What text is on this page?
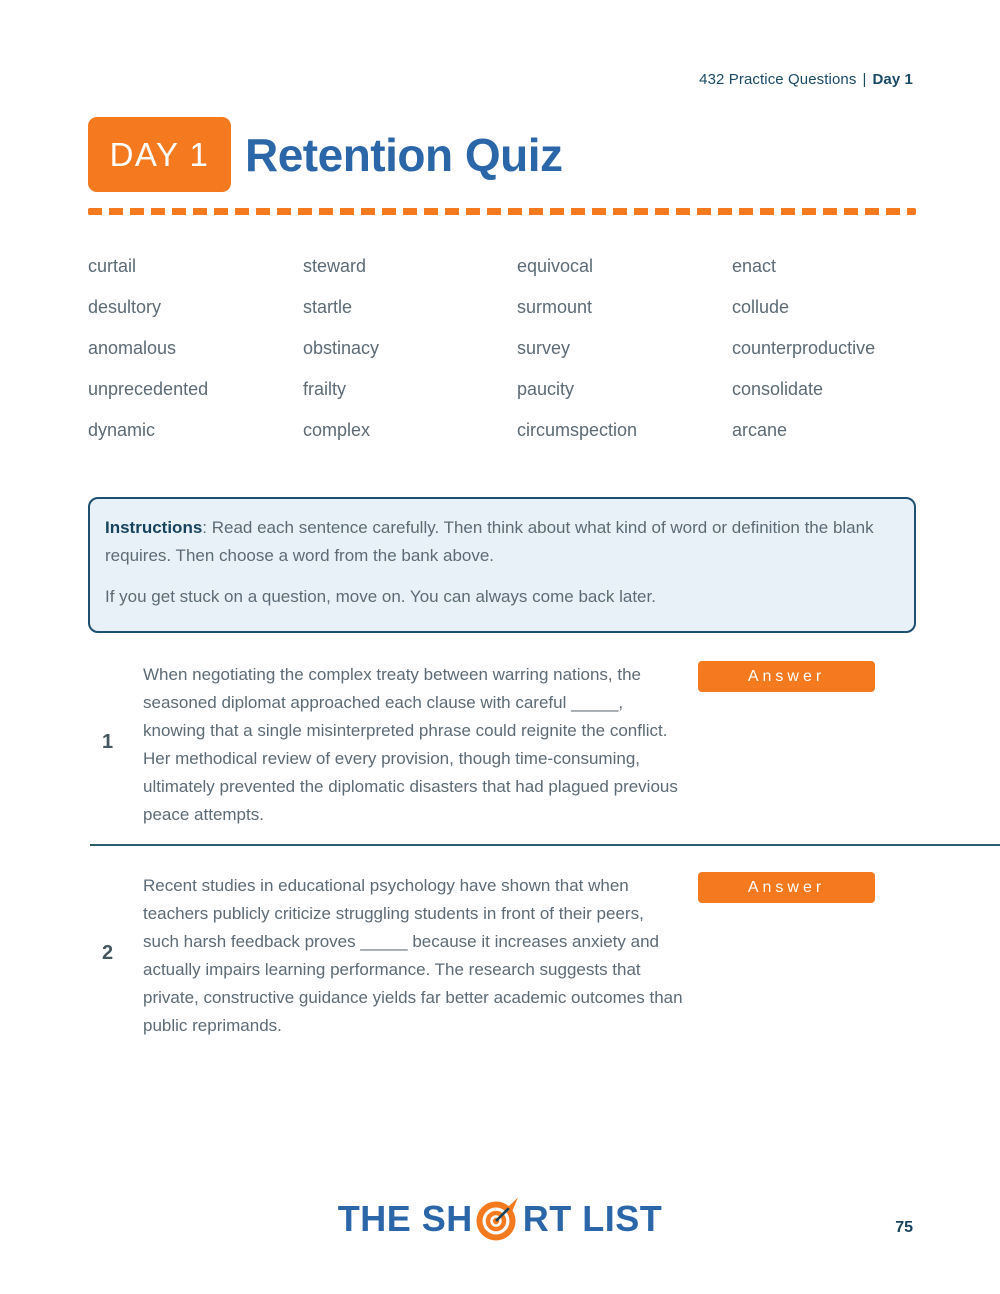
432 Practice Questions | Day 1
DAY 1 Retention Quiz
curtail	steward	equivocal	enact
desultory	startle	surmount	collude
anomalous	obstinacy	survey	counterproductive
unprecedented	frailty	paucity	consolidate
dynamic	complex	circumspection	arcane

Instructions: Read each sentence carefully. Then think about what kind of word or definition the blank requires. Then choose a word from the bank above.

If you get stuck on a question, move on. You can always come back later.

1
When negotiating the complex treaty between warring nations, the seasoned diplomat approached each clause with careful _____, knowing that a single misinterpreted phrase could reignite the conflict. Her methodical review of every provision, though time-consuming, ultimately prevented the diplomatic disasters that had plagued previous peace attempts.
Answer
2
Recent studies in educational psychology have shown that when teachers publicly criticize struggling students in front of their peers, such harsh feedback proves _____ because it increases anxiety and actually impairs learning performance. The research suggests that private, constructive guidance yields far better academic outcomes than public reprimands.
Answer
THE SH RT LIST	75
